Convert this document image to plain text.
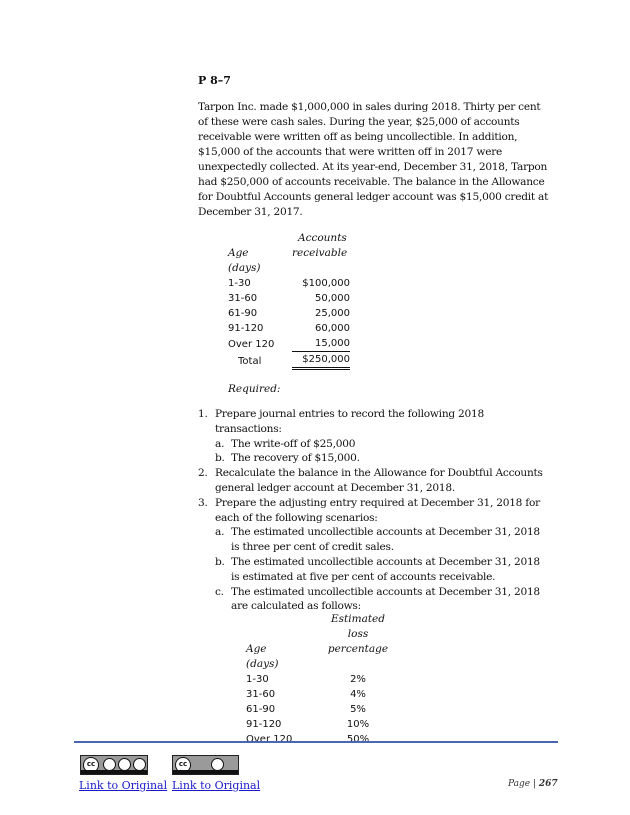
P 8–7
Tarpon Inc. made $1,000,000 in sales during 2018. Thirty per cent
of these were cash sales. During the year, $25,000 of accounts
receivable were written off as being uncollectible. In addition,
$15,000 of the accounts that were written off in 2017 were
unexpectedly collected. At its year-end, December 31, 2018, Tarpon
had $250,000 of accounts receivable. The balance in the Allowance
for Doubtful Accounts general ledger account was $15,000 credit at
December 31, 2017.
	Accounts
Age	receivable
(days)	
1-30	$100,000
31-60	50,000
61-90	25,000
91-120	60,000
Over 120	15,000
Total	$250,000
Required:
1. Prepare journal entries to record the following 2018
transactions:
a. The write-off of $25,000
b. The recovery of $15,000.
2. Recalculate the balance in the Allowance for Doubtful Accounts
general ledger account at December 31, 2018.
3. Prepare the adjusting entry required at December 31, 2018 for
each of the following scenarios:
a. The estimated uncollectible accounts at December 31, 2018
is three per cent of credit sales.
b. The estimated uncollectible accounts at December 31, 2018
is estimated at five per cent of accounts receivable.
c. The estimated uncollectible accounts at December 31, 2018
are calculated as follows:
	Estimated
	loss
Age	percentage
(days)	
1-30	2%
31-60	4%
61-90	5%
91-120	10%
Over 120	50%
cc	cc
Link to Original Link to Original	Page | 267
